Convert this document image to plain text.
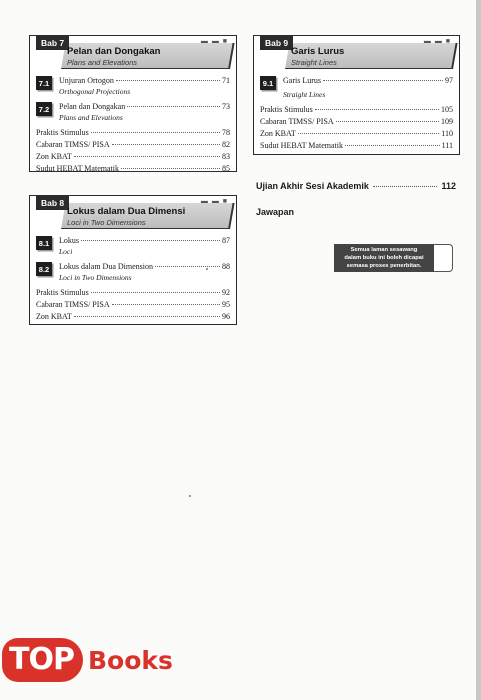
Bab 7
Pelan dan Dongakan
Plans and Elevations
▬ ▬ ■
7.1	Unjuran Ortogon	71
Orthogonal Projections
7.2	Pelan dan Dongakan	73
Plans and Elevations
Praktis Stimulus	78
Cabaran TIMSS/ PISA	82
Zon KBAT	83
Sudut HEBAT Matematik	85
Bab 8
Lokus dalam Dua Dimensi
Loci in Two Dimensions
▬ ▬ ■
8.1	Lokus	87
Loci
8.2	Lokus dalam Dua Dimension	88
Loci in Two Dimensions
Praktis Stimulus	92
Cabaran TIMSS/ PISA	95
Zon KBAT	96
Bab 9
Garis Lurus
Straight Lines
▬ ▬ ■
9.1	Garis Lurus	97
Straight Lines
Praktis Stimulus	105
Cabaran TIMSS/ PISA	109
Zon KBAT	110
Sudut HEBAT Matematik	111
Ujian Akhir Sesi Akademik	112
Jawapan
Semua laman sesawang
dalam buku ini boleh dicapai
semasa proses penerbitan.
TOP Books
